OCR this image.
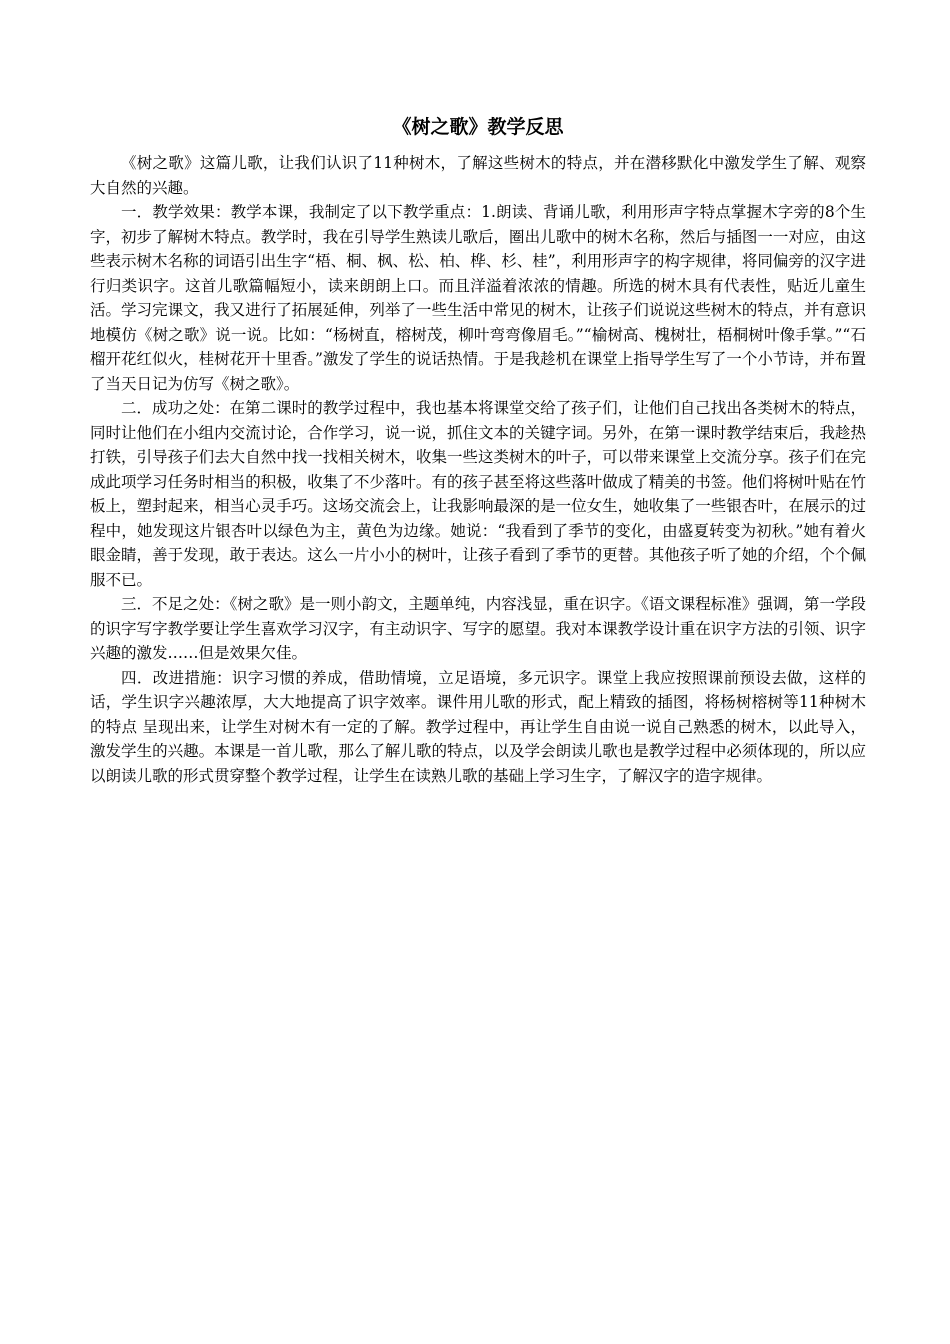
《树之歌》教学反思

《树之歌》这篇儿歌，让我们认识了11种树木，了解这些树木的特点，并在潜移默化中激发学生了解、观察大自然的兴趣。

一．教学效果：教学本课，我制定了以下教学重点：1.朗读、背诵儿歌，利用形声字特点掌握木字旁的8个生字，初步了解树木特点。教学时，我在引导学生熟读儿歌后，圈出儿歌中的树木名称，然后与插图一一对应，由这些表示树木名称的词语引出生字“梧、桐、枫、松、柏、桦、杉、桂”，利用形声字的构字规律，将同偏旁的汉字进行归类识字。这首儿歌篇幅短小，读来朗朗上口。而且洋溢着浓浓的情趣。所选的树木具有代表性，贴近儿童生活。学习完课文，我又进行了拓展延伸，列举了一些生活中常见的树木，让孩子们说说这些树木的特点，并有意识地模仿《树之歌》说一说。比如：“杨树直，榕树茂，柳叶弯弯像眉毛。”“榆树高、槐树壮，梧桐树叶像手掌。”“石榴开花红似火，桂树花开十里香。”激发了学生的说话热情。于是我趁机在课堂上指导学生写了一个小节诗，并布置了当天日记为仿写《树之歌》。

二．成功之处：在第二课时的教学过程中，我也基本将课堂交给了孩子们，让他们自己找出各类树木的特点，同时让他们在小组内交流讨论，合作学习，说一说，抓住文本的关键字词。另外，在第一课时教学结束后，我趁热打铁，引导孩子们去大自然中找一找相关树木，收集一些这类树木的叶子，可以带来课堂上交流分享。孩子们在完成此项学习任务时相当的积极，收集了不少落叶。有的孩子甚至将这些落叶做成了精美的书签。他们将树叶贴在竹板上，塑封起来，相当心灵手巧。这场交流会上，让我影响最深的是一位女生，她收集了一些银杏叶，在展示的过程中，她发现这片银杏叶以绿色为主，黄色为边缘。她说：“我看到了季节的变化，由盛夏转变为初秋。”她有着火眼金睛，善于发现，敢于表达。这么一片小小的树叶，让孩子看到了季节的更替。其他孩子听了她的介绍，个个佩服不已。

三．不足之处：《树之歌》是一则小韵文，主题单纯，内容浅显，重在识字。《语文课程标准》强调，第一学段的识字写字教学要让学生喜欢学习汉字，有主动识字、写字的愿望。我对本课教学设计重在识字方法的引领、识字兴趣的激发……但是效果欠佳。

四．改进措施：识字习惯的养成，借助情境，立足语境，多元识字。课堂上我应按照课前预设去做，这样的话，学生识字兴趣浓厚，大大地提高了识字效率。课件用儿歌的形式，配上精致的插图，将杨树榕树等11种树木的特点 呈现出来，让学生对树木有一定的了解。教学过程中，再让学生自由说一说自己熟悉的树木，以此导入，激发学生的兴趣。本课是一首儿歌，那么了解儿歌的特点，以及学会朗读儿歌也是教学过程中必须体现的，所以应以朗读儿歌的形式贯穿整个教学过程，让学生在读熟儿歌的基础上学习生字，了解汉字的造字规律。
